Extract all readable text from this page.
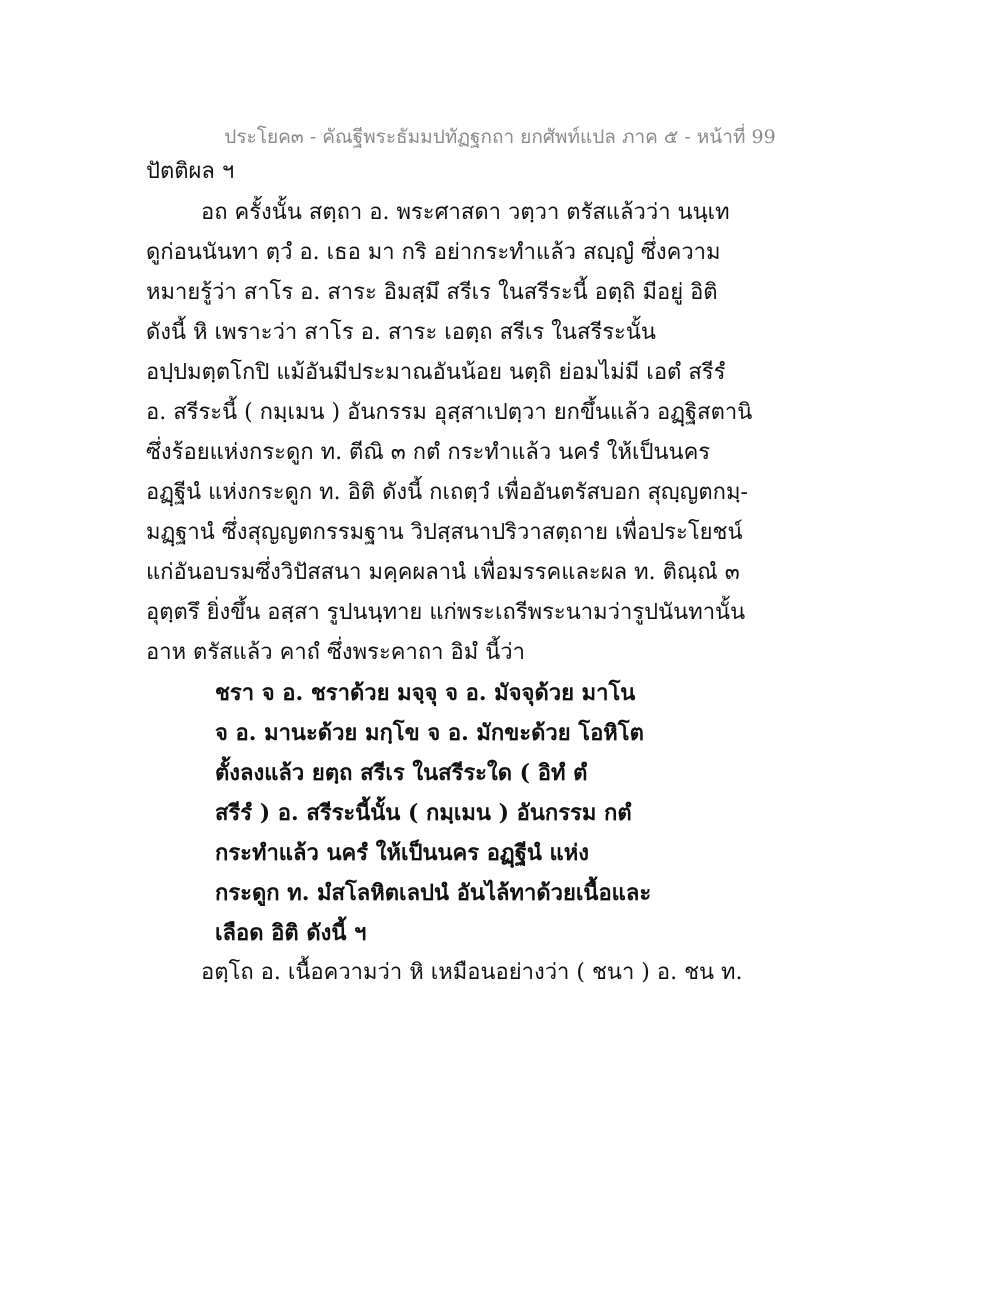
ประโยค๓ - คัณฐีพระธัมมปทัฏฐกถา ยกศัพท์แปล ภาค ๕ - หน้าที่ 99
ปัตติผล ฯ
อถ ครั้งนั้น สตฺถา อ. พระศาสดา วตฺวา ตรัสแล้วว่า นนฺเท
ดูก่อนนันทา ตฺวํ อ. เธอ มา กริ อย่ากระทำแล้ว สญฺญํ ซึ่งความ
หมายรู้ว่า สาโร อ. สาระ อิมสฺมึ สรีเร ในสรีระนี้ อตฺถิ มีอยู่ อิติ
ดังนี้ หิ เพราะว่า สาโร อ. สาระ เอตฺถ สรีเร ในสรีระนั้น
อปฺปมตฺตโกปิ แม้อันมีประมาณอันน้อย นตฺถิ ย่อมไม่มี เอตํ สรีรํ
อ. สรีระนี้ ( กมฺเมน ) อันกรรม อุสฺสาเปตฺวา ยกขึ้นแล้ว อฏฺฐิสตานิ
ซึ่งร้อยแห่งกระดูก ท. ตีณิ ๓ กตํ กระทำแล้ว นครํ ให้เป็นนคร
อฏฺฐีนํ แห่งกระดูก ท. อิติ ดังนี้ กเถตฺวํ เพื่ออันตรัสบอก สุญฺญตกมฺ-
มฏฺฐานํ ซึ่งสุญญตกรรมฐาน วิปสฺสนาปริวาสตฺถาย เพื่อประโยชน์
แก่อันอบรมซึ่งวิปัสสนา มคฺคผลานํ เพื่อมรรคและผล ท. ติณฺณํ ๓
อุตฺตรึ ยิ่งขึ้น อสฺสา รูปนนฺทาย แก่พระเถรีพระนามว่ารูปนันทานั้น
อาห ตรัสแล้ว คาถํ ซึ่งพระคาถา อิมํ นี้ว่า
ชรา จ อ. ชราด้วย มจฺจุ จ อ. มัจจุด้วย มาโน
จ อ. มานะด้วย มกฺโข จ อ. มักขะด้วย โอหิโต
ตั้งลงแล้ว ยตฺถ สรีเร ในสรีระใด ( อิทํ ตํ
สรีรํ ) อ. สรีระนี้นั้น ( กมฺเมน ) อันกรรม กตํ
กระทำแล้ว นครํ ให้เป็นนคร อฏฺฐีนํ แห่ง
กระดูก ท. มํสโลหิตเลปนํ อันไล้ทาด้วยเนื้อและ
เลือด อิติ ดังนี้ ฯ
อตฺโถ อ. เนื้อความว่า หิ เหมือนอย่างว่า ( ชนา ) อ. ชน ท.
